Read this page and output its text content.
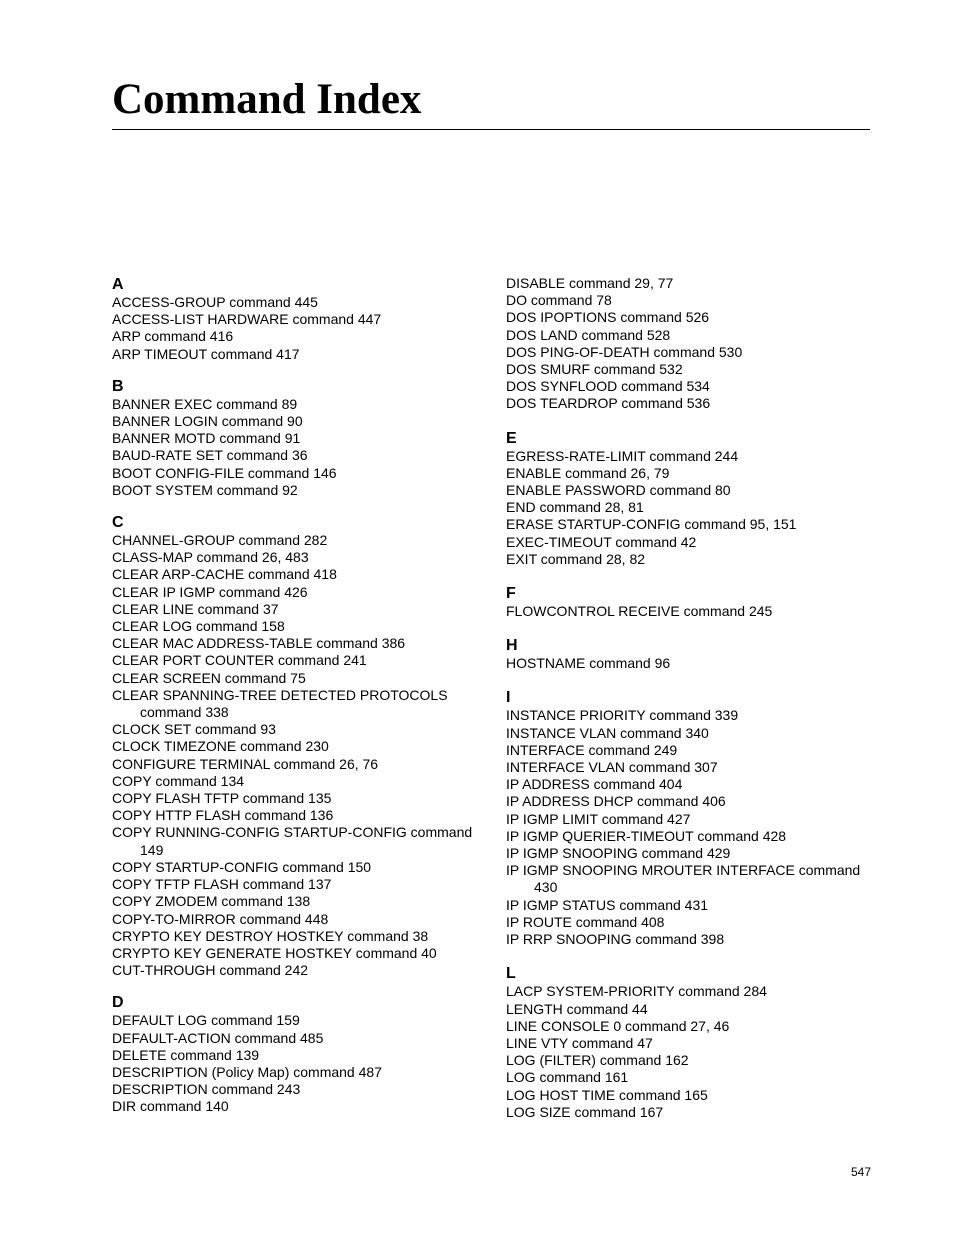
Command Index
A
ACCESS-GROUP command 445
ACCESS-LIST HARDWARE command 447
ARP command 416
ARP TIMEOUT command 417
B
BANNER EXEC command 89
BANNER LOGIN command 90
BANNER MOTD command 91
BAUD-RATE SET command 36
BOOT CONFIG-FILE command 146
BOOT SYSTEM command 92
C
CHANNEL-GROUP command 282
CLASS-MAP command 26, 483
CLEAR ARP-CACHE command 418
CLEAR IP IGMP command 426
CLEAR LINE command 37
CLEAR LOG command 158
CLEAR MAC ADDRESS-TABLE command 386
CLEAR PORT COUNTER command 241
CLEAR SCREEN command 75
CLEAR SPANNING-TREE DETECTED PROTOCOLS command 338
CLOCK SET command 93
CLOCK TIMEZONE command 230
CONFIGURE TERMINAL command 26, 76
COPY command 134
COPY FLASH TFTP command 135
COPY HTTP FLASH command 136
COPY RUNNING-CONFIG STARTUP-CONFIG command 149
COPY STARTUP-CONFIG command 150
COPY TFTP FLASH command 137
COPY ZMODEM command 138
COPY-TO-MIRROR command 448
CRYPTO KEY DESTROY HOSTKEY command 38
CRYPTO KEY GENERATE HOSTKEY command 40
CUT-THROUGH command 242
D
DEFAULT LOG command 159
DEFAULT-ACTION command 485
DELETE command 139
DESCRIPTION (Policy Map) command 487
DESCRIPTION command 243
DIR command 140
DISABLE command 29, 77
DO command 78
DOS IPOPTIONS command 526
DOS LAND command 528
DOS PING-OF-DEATH command 530
DOS SMURF command 532
DOS SYNFLOOD command 534
DOS TEARDROP command 536
E
EGRESS-RATE-LIMIT command 244
ENABLE command 26, 79
ENABLE PASSWORD command 80
END command 28, 81
ERASE STARTUP-CONFIG command 95, 151
EXEC-TIMEOUT command 42
EXIT command 28, 82
F
FLOWCONTROL RECEIVE command 245
H
HOSTNAME command 96
I
INSTANCE PRIORITY command 339
INSTANCE VLAN command 340
INTERFACE command 249
INTERFACE VLAN command 307
IP ADDRESS command 404
IP ADDRESS DHCP command 406
IP IGMP LIMIT command 427
IP IGMP QUERIER-TIMEOUT command 428
IP IGMP SNOOPING command 429
IP IGMP SNOOPING MROUTER INTERFACE command 430
IP IGMP STATUS command 431
IP ROUTE command 408
IP RRP SNOOPING command 398
L
LACP SYSTEM-PRIORITY command 284
LENGTH command 44
LINE CONSOLE 0 command 27, 46
LINE VTY command 47
LOG (FILTER) command 162
LOG command 161
LOG HOST TIME command 165
LOG SIZE command 167
547
